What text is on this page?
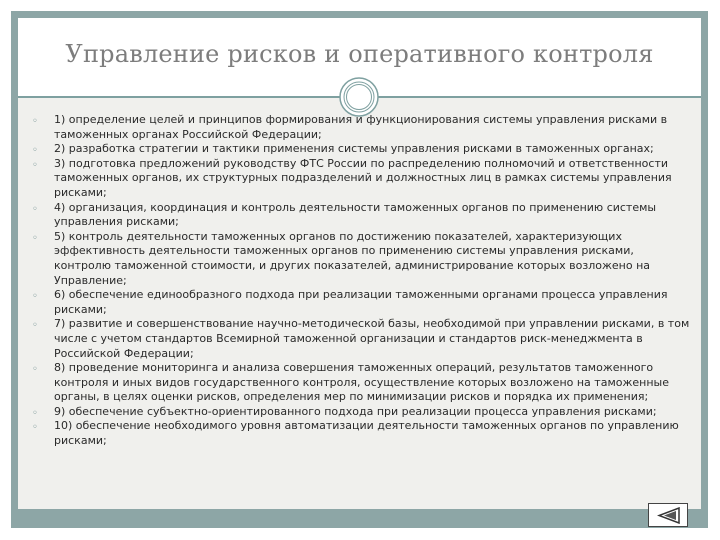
Управление рисков и оперативного контроля
◦ 1) определение целей и принципов формирования и функционирования системы управления рисками в таможенных органах Российской Федерации;
◦ 2) разработка стратегии и тактики применения системы управления рисками в таможенных органах;
◦ 3) подготовка предложений руководству ФТС России по распределению полномочий и ответственности таможенных органов, их структурных подразделений и должностных лиц в рамках системы управления рисками;
◦ 4) организация, координация и контроль деятельности таможенных органов по применению системы управления рисками;
◦ 5) контроль деятельности таможенных органов по достижению показателей, характеризующих эффективность деятельности таможенных органов по применению системы управления рисками, контролю таможенной стоимости, и других показателей, администрирование которых возложено на Управление;
◦ 6) обеспечение единообразного подхода при реализации таможенными органами процесса управления рисками;
◦ 7) развитие и совершенствование научно-методической базы, необходимой при управлении рисками, в том числе с учетом стандартов Всемирной таможенной организации и стандартов риск-менеджмента в Российской Федерации;
◦ 8) проведение мониторинга и анализа совершения таможенных операций, результатов таможенного контроля и иных видов государственного контроля, осуществление которых возложено на таможенные органы, в целях оценки рисков, определения мер по минимизации рисков и порядка их применения;
◦ 9) обеспечение субъектно-ориентированного подхода при реализации процесса управления рисками;
◦ 10) обеспечение необходимого уровня автоматизации деятельности таможенных органов по управлению рисками;
